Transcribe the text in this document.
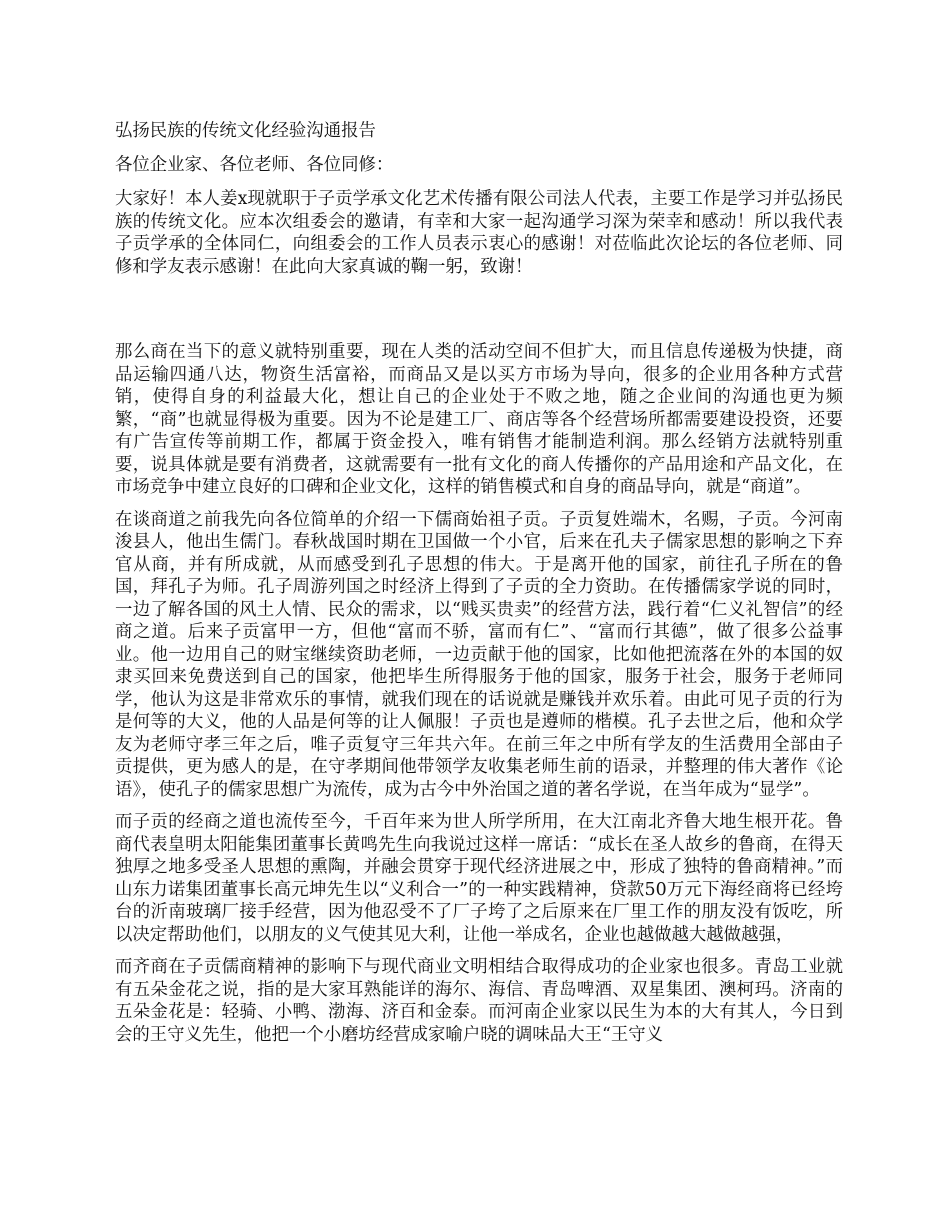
弘扬民族的传统文化经验沟通报告

各位企业家、各位老师、各位同修：

大家好！本人姜x现就职于子贡学承文化艺术传播有限公司法人代表，主要工作是学习并弘扬民族的传统文化。应本次组委会的邀请，有幸和大家一起沟通学习深为荣幸和感动！所以我代表子贡学承的全体同仁，向组委会的工作人员表示衷心的感谢！对莅临此次论坛的各位老师、同修和学友表示感谢！在此向大家真诚的鞠一躬，致谢！

那么商在当下的意义就特别重要，现在人类的活动空间不但扩大，而且信息传递极为快捷，商品运输四通八达，物资生活富裕，而商品又是以买方市场为导向，很多的企业用各种方式营销，使得自身的利益最大化，想让自己的企业处于不败之地，随之企业间的沟通也更为频繁，“商”也就显得极为重要。因为不论是建工厂、商店等各个经营场所都需要建设投资，还要有广告宣传等前期工作，都属于资金投入，唯有销售才能制造利润。那么经销方法就特别重要，说具体就是要有消费者，这就需要有一批有文化的商人传播你的产品用途和产品文化，在市场竞争中建立良好的口碑和企业文化，这样的销售模式和自身的商品导向，就是“商道”。

在谈商道之前我先向各位简单的介绍一下儒商始祖子贡。子贡复姓端木，名赐，子贡。今河南浚县人，他出生儒门。春秋战国时期在卫国做一个小官，后来在孔夫子儒家思想的影响之下弃官从商，并有所成就，从而感受到孔子思想的伟大。于是离开他的国家，前往孔子所在的鲁国，拜孔子为师。孔子周游列国之时经济上得到了子贡的全力资助。在传播儒家学说的同时，一边了解各国的风土人情、民众的需求，以“贱买贵卖”的经营方法，践行着“仁义礼智信”的经商之道。后来子贡富甲一方，但他“富而不骄，富而有仁”、“富而行其德”，做了很多公益事业。他一边用自己的财宝继续资助老师，一边贡献于他的国家，比如他把流落在外的本国的奴隶买回来免费送到自己的国家，他把毕生所得服务于他的国家，服务于社会，服务于老师同学，他认为这是非常欢乐的事情，就我们现在的话说就是赚钱并欢乐着。由此可见子贡的行为是何等的大义，他的人品是何等的让人佩服！子贡也是遵师的楷模。孔子去世之后，他和众学友为老师守孝三年之后，唯子贡复守三年共六年。在前三年之中所有学友的生活费用全部由子贡提供，更为感人的是，在守孝期间他带领学友收集老师生前的语录，并整理的伟大著作《论语》，使孔子的儒家思想广为流传，成为古今中外治国之道的著名学说，在当年成为“显学”。

而子贡的经商之道也流传至今，千百年来为世人所学所用，在大江南北齐鲁大地生根开花。鲁商代表皇明太阳能集团董事长黄鸣先生向我说过这样一席话：“成长在圣人故乡的鲁商，在得天独厚之地多受圣人思想的熏陶，并融会贯穿于现代经济进展之中，形成了独特的鲁商精神。”而山东力诺集团董事长高元坤先生以“义利合一”的一种实践精神，贷款50万元下海经商将已经垮台的沂南玻璃厂接手经营，因为他忍受不了厂子垮了之后原来在厂里工作的朋友没有饭吃，所以决定帮助他们，以朋友的义气使其见大利，让他一举成名，企业也越做越大越做越强，

而齐商在子贡儒商精神的影响下与现代商业文明相结合取得成功的企业家也很多。青岛工业就有五朵金花之说，指的是大家耳熟能详的海尔、海信、青岛啤酒、双星集团、澳柯玛。济南的五朵金花是：轻骑、小鸭、渤海、济百和金泰。而河南企业家以民生为本的大有其人，今日到会的王守义先生，他把一个小磨坊经营成家喻户晓的调味品大王“王守义
